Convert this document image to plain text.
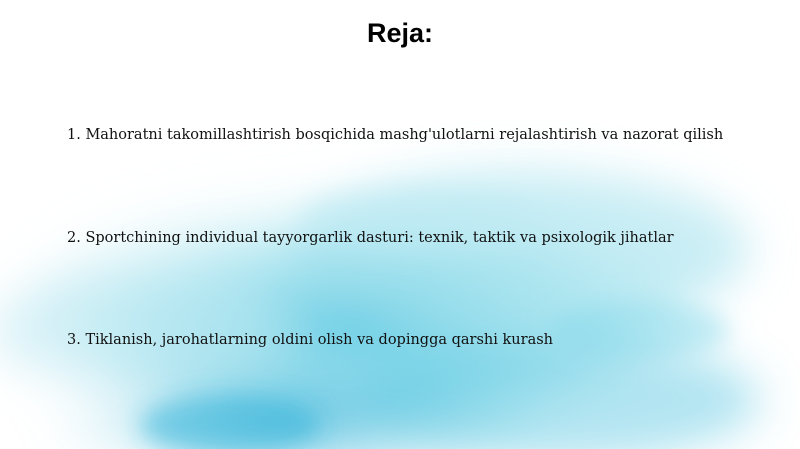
Reja:
1. Mahoratni takomillashtirish bosqichida mashg'ulotlarni rejalashtirish va nazorat qilish
2. Sportchining individual tayyorgarlik dasturi: texnik, taktik va psixologik jihatlar
3. Tiklanish, jarohatlarning oldini olish va dopingga qarshi kurash
